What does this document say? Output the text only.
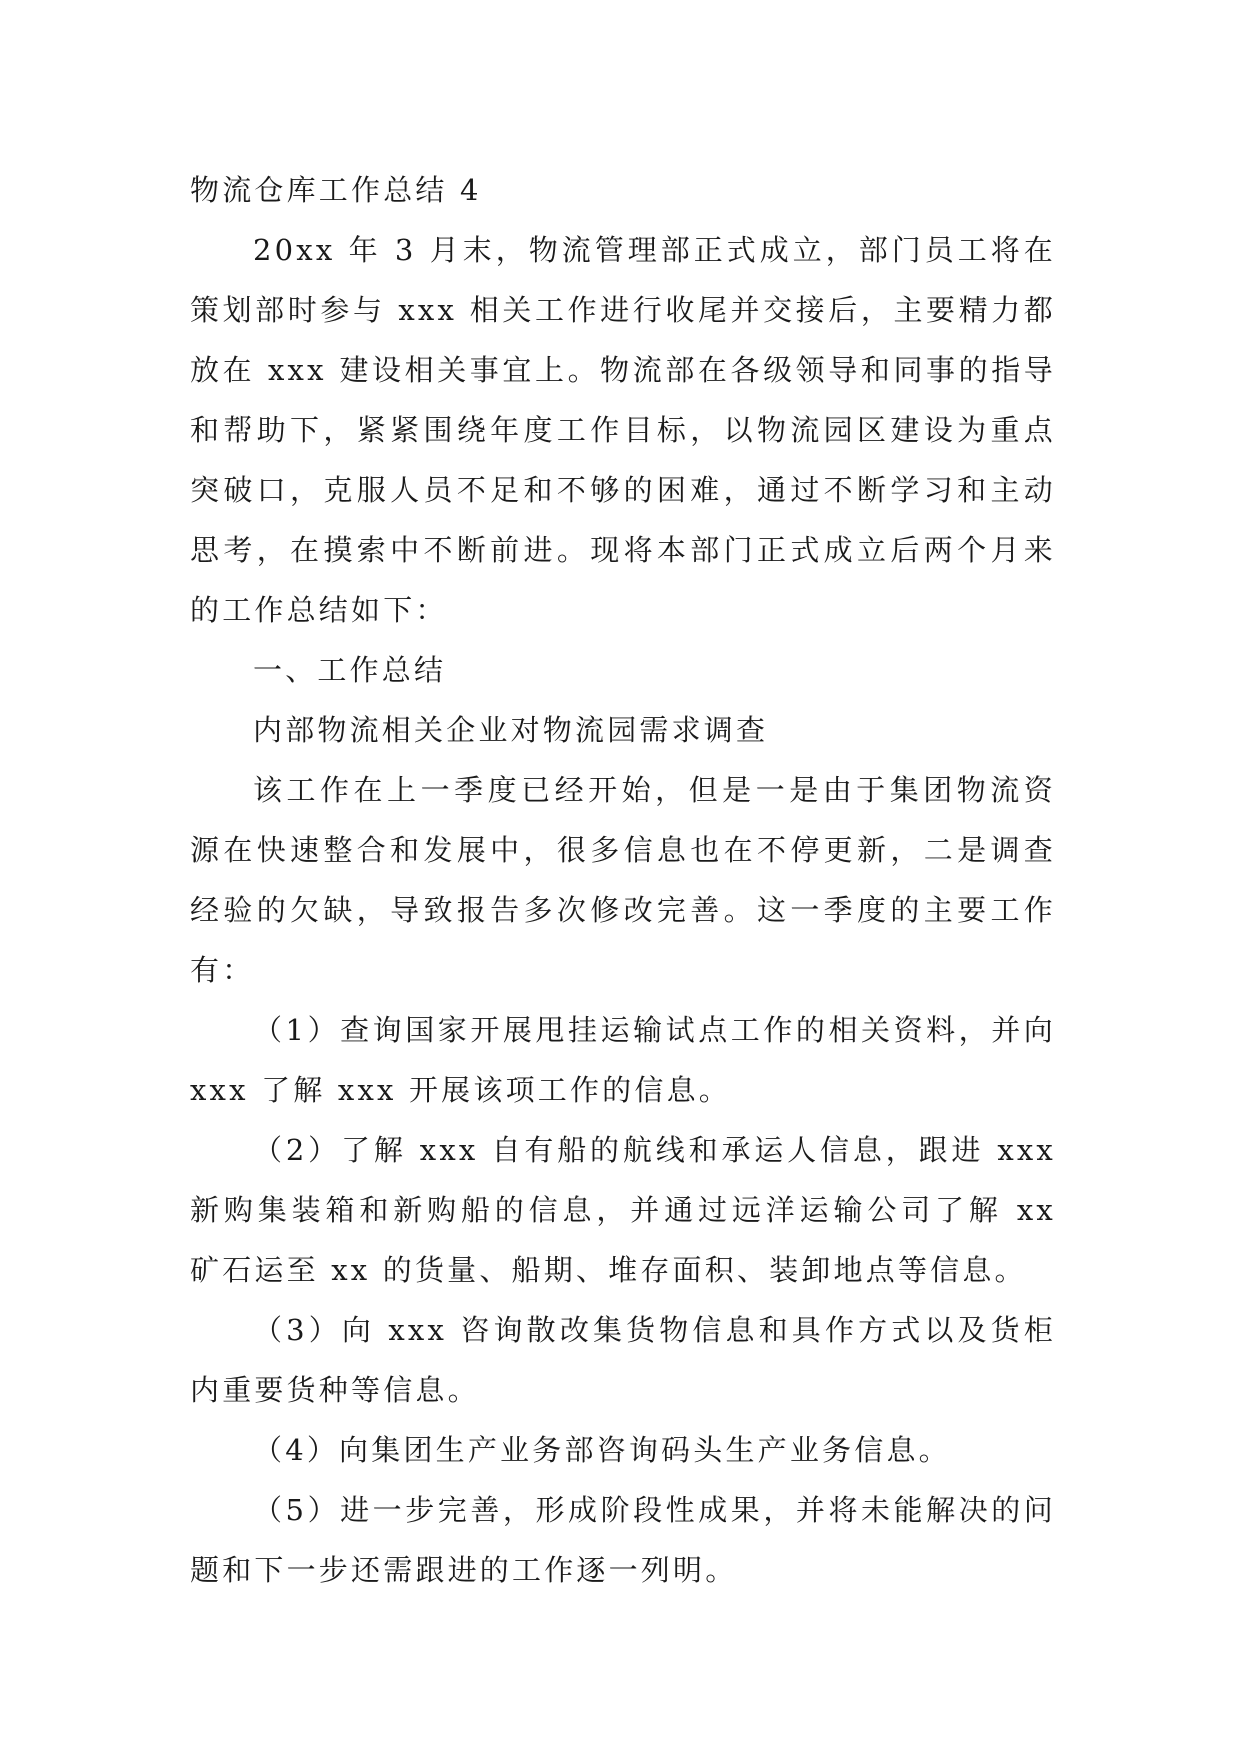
物流仓库工作总结 4

20xx 年 3 月末，物流管理部正式成立，部门员工将在策划部时参与 xxx 相关工作进行收尾并交接后，主要精力都放在 xxx 建设相关事宜上。物流部在各级领导和同事的指导和帮助下，紧紧围绕年度工作目标，以物流园区建设为重点突破口，克服人员不足和不够的困难，通过不断学习和主动思考，在摸索中不断前进。现将本部门正式成立后两个月来的工作总结如下：

一、工作总结

内部物流相关企业对物流园需求调查

该工作在上一季度已经开始，但是一是由于集团物流资源在快速整合和发展中，很多信息也在不停更新，二是调查经验的欠缺，导致报告多次修改完善。这一季度的主要工作有：

（1）查询国家开展甩挂运输试点工作的相关资料，并向 xxx 了解 xxx 开展该项工作的信息。

（2）了解 xxx 自有船的航线和承运人信息，跟进 xxx 新购集装箱和新购船的信息，并通过远洋运输公司了解 xx 矿石运至 xx 的货量、船期、堆存面积、装卸地点等信息。

（3）向 xxx 咨询散改集货物信息和具作方式以及货柜内重要货种等信息。

（4）向集团生产业务部咨询码头生产业务信息。

（5）进一步完善，形成阶段性成果，并将未能解决的问题和下一步还需跟进的工作逐一列明。
